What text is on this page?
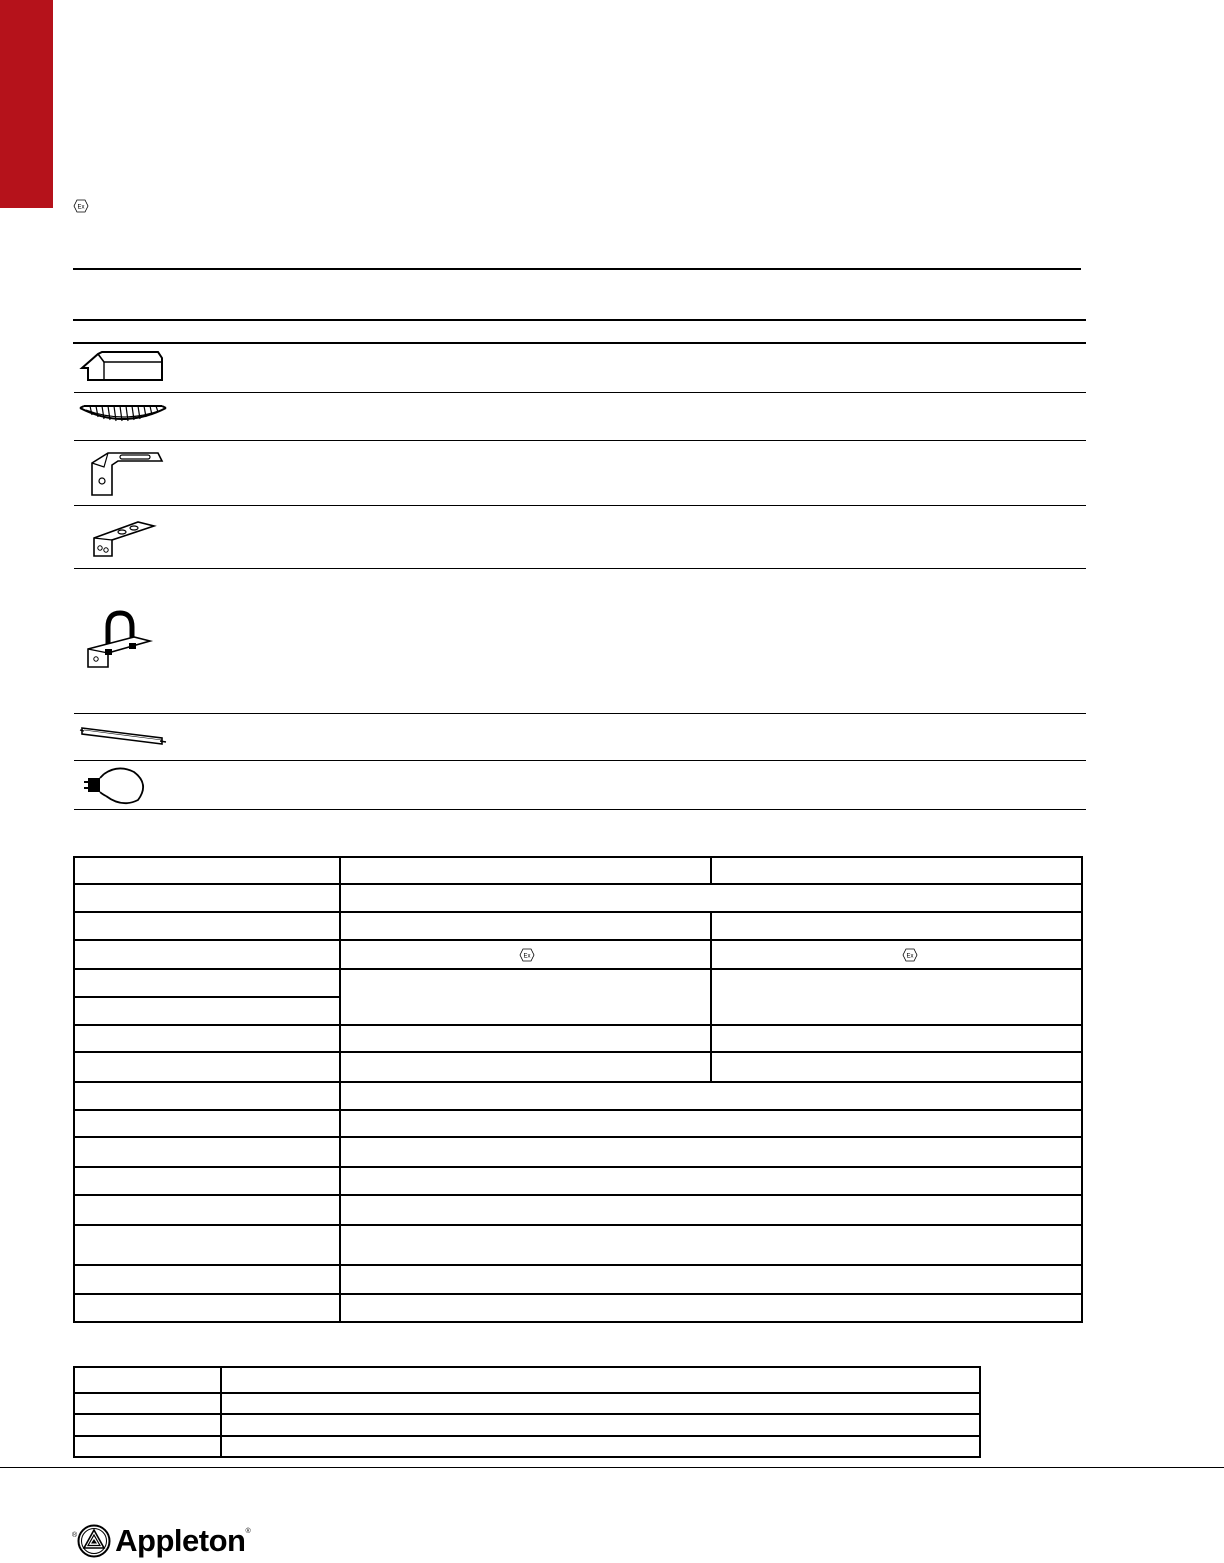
Ex

Ex	Ex

® Appleton ®
